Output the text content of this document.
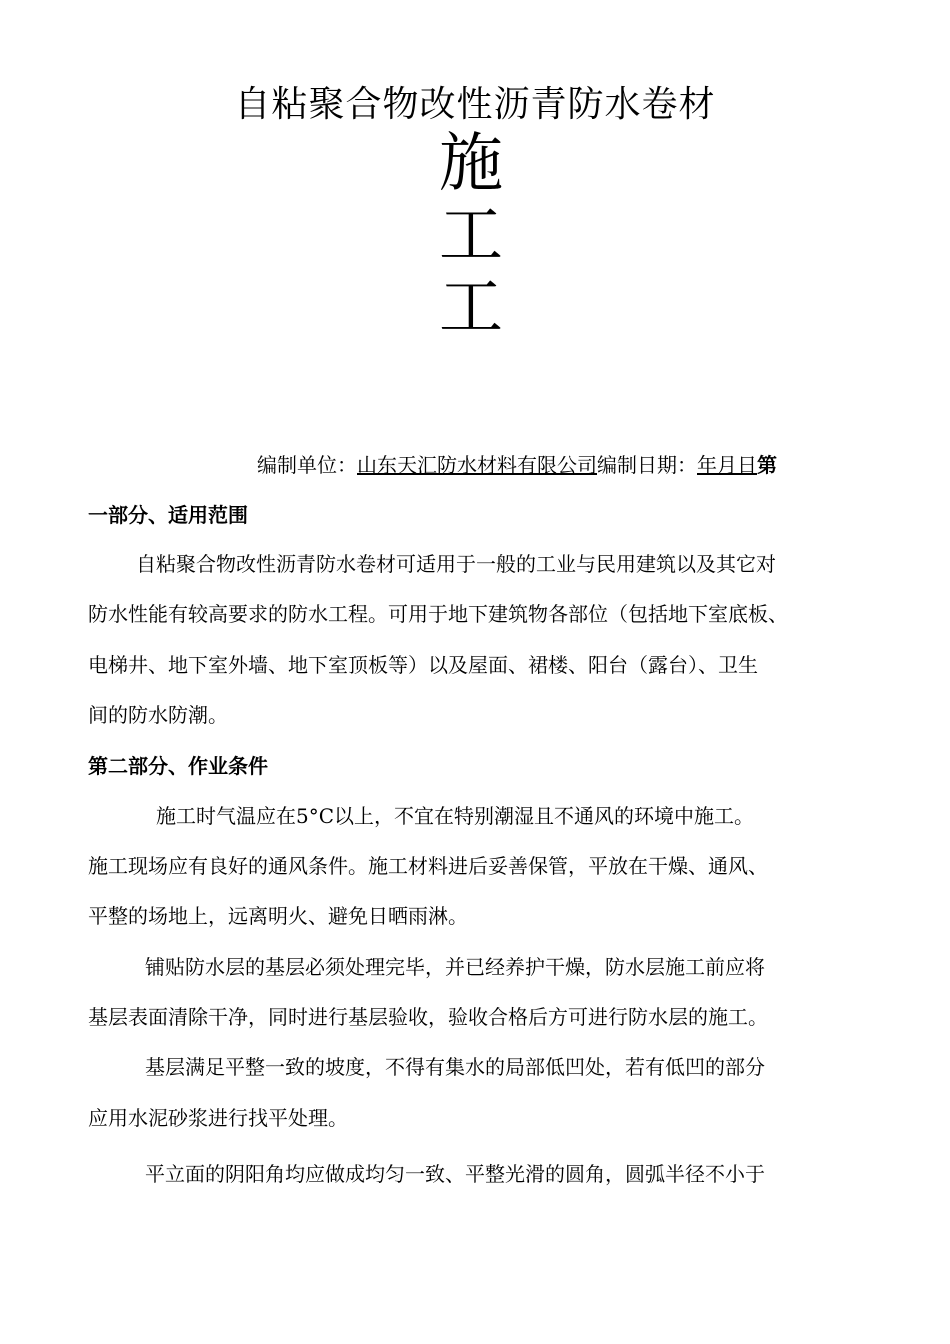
自粘聚合物改性沥青防水卷材
施
工
工
编制单位：山东天汇防水材料有限公司编制日期：年月日第
一部分、适用范围
自粘聚合物改性沥青防水卷材可适用于一般的工业与民用建筑以及其它对
防水性能有较高要求的防水工程。可用于地下建筑物各部位（包括地下室底板、
电梯井、地下室外墙、地下室顶板等）以及屋面、裙楼、阳台（露台）、卫生
间的防水防潮。
第二部分、作业条件
施工时气温应在5°C以上，不宜在特别潮湿且不通风的环境中施工。
施工现场应有良好的通风条件。施工材料进后妥善保管，平放在干燥、通风、
平整的场地上，远离明火、避免日晒雨淋。
铺贴防水层的基层必须处理完毕，并已经养护干燥，防水层施工前应将
基层表面清除干净，同时进行基层验收，验收合格后方可进行防水层的施工。
基层满足平整一致的坡度，不得有集水的局部低凹处，若有低凹的部分
应用水泥砂浆进行找平处理。
平立面的阴阳角均应做成均匀一致、平整光滑的圆角，圆弧半径不小于
